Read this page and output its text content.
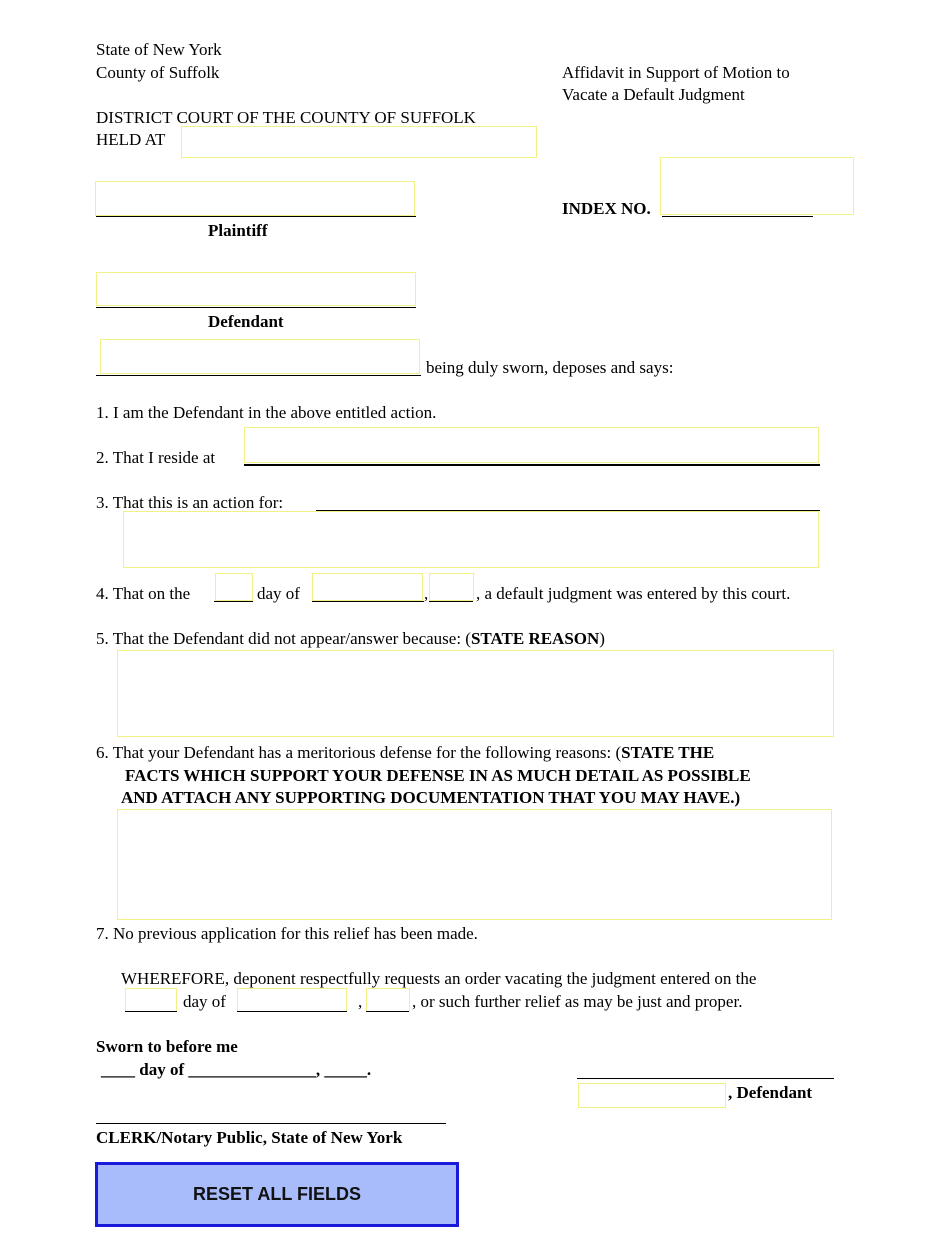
State of New York
County of Suffolk	Affidavit in Support of Motion to
Vacate a Default Judgment
DISTRICT COURT OF THE COUNTY OF SUFFOLK
HELD AT
Plaintiff
INDEX NO.
Defendant
being duly sworn, deposes and says:
1. I am the Defendant in the above entitled action.
2. That I reside at
3. That this is an action for:
4. That on the	day of	,	, a default judgment was entered by this court.
5. That the Defendant did not appear/answer because: (STATE REASON)
6. That your Defendant has a meritorious defense for the following reasons: (STATE THE
FACTS WHICH SUPPORT YOUR DEFENSE IN AS MUCH DETAIL AS POSSIBLE
AND ATTACH ANY SUPPORTING DOCUMENTATION THAT YOU MAY HAVE.)
7. No previous application for this relief has been made.
WHEREFORE, deponent respectfully requests an order vacating the judgment entered on the
day of	,	, or such further relief as may be just and proper.
Sworn to before me
____ day of _______________, _____.
, Defendant
CLERK/Notary Public, State of New York
RESET ALL FIELDS
